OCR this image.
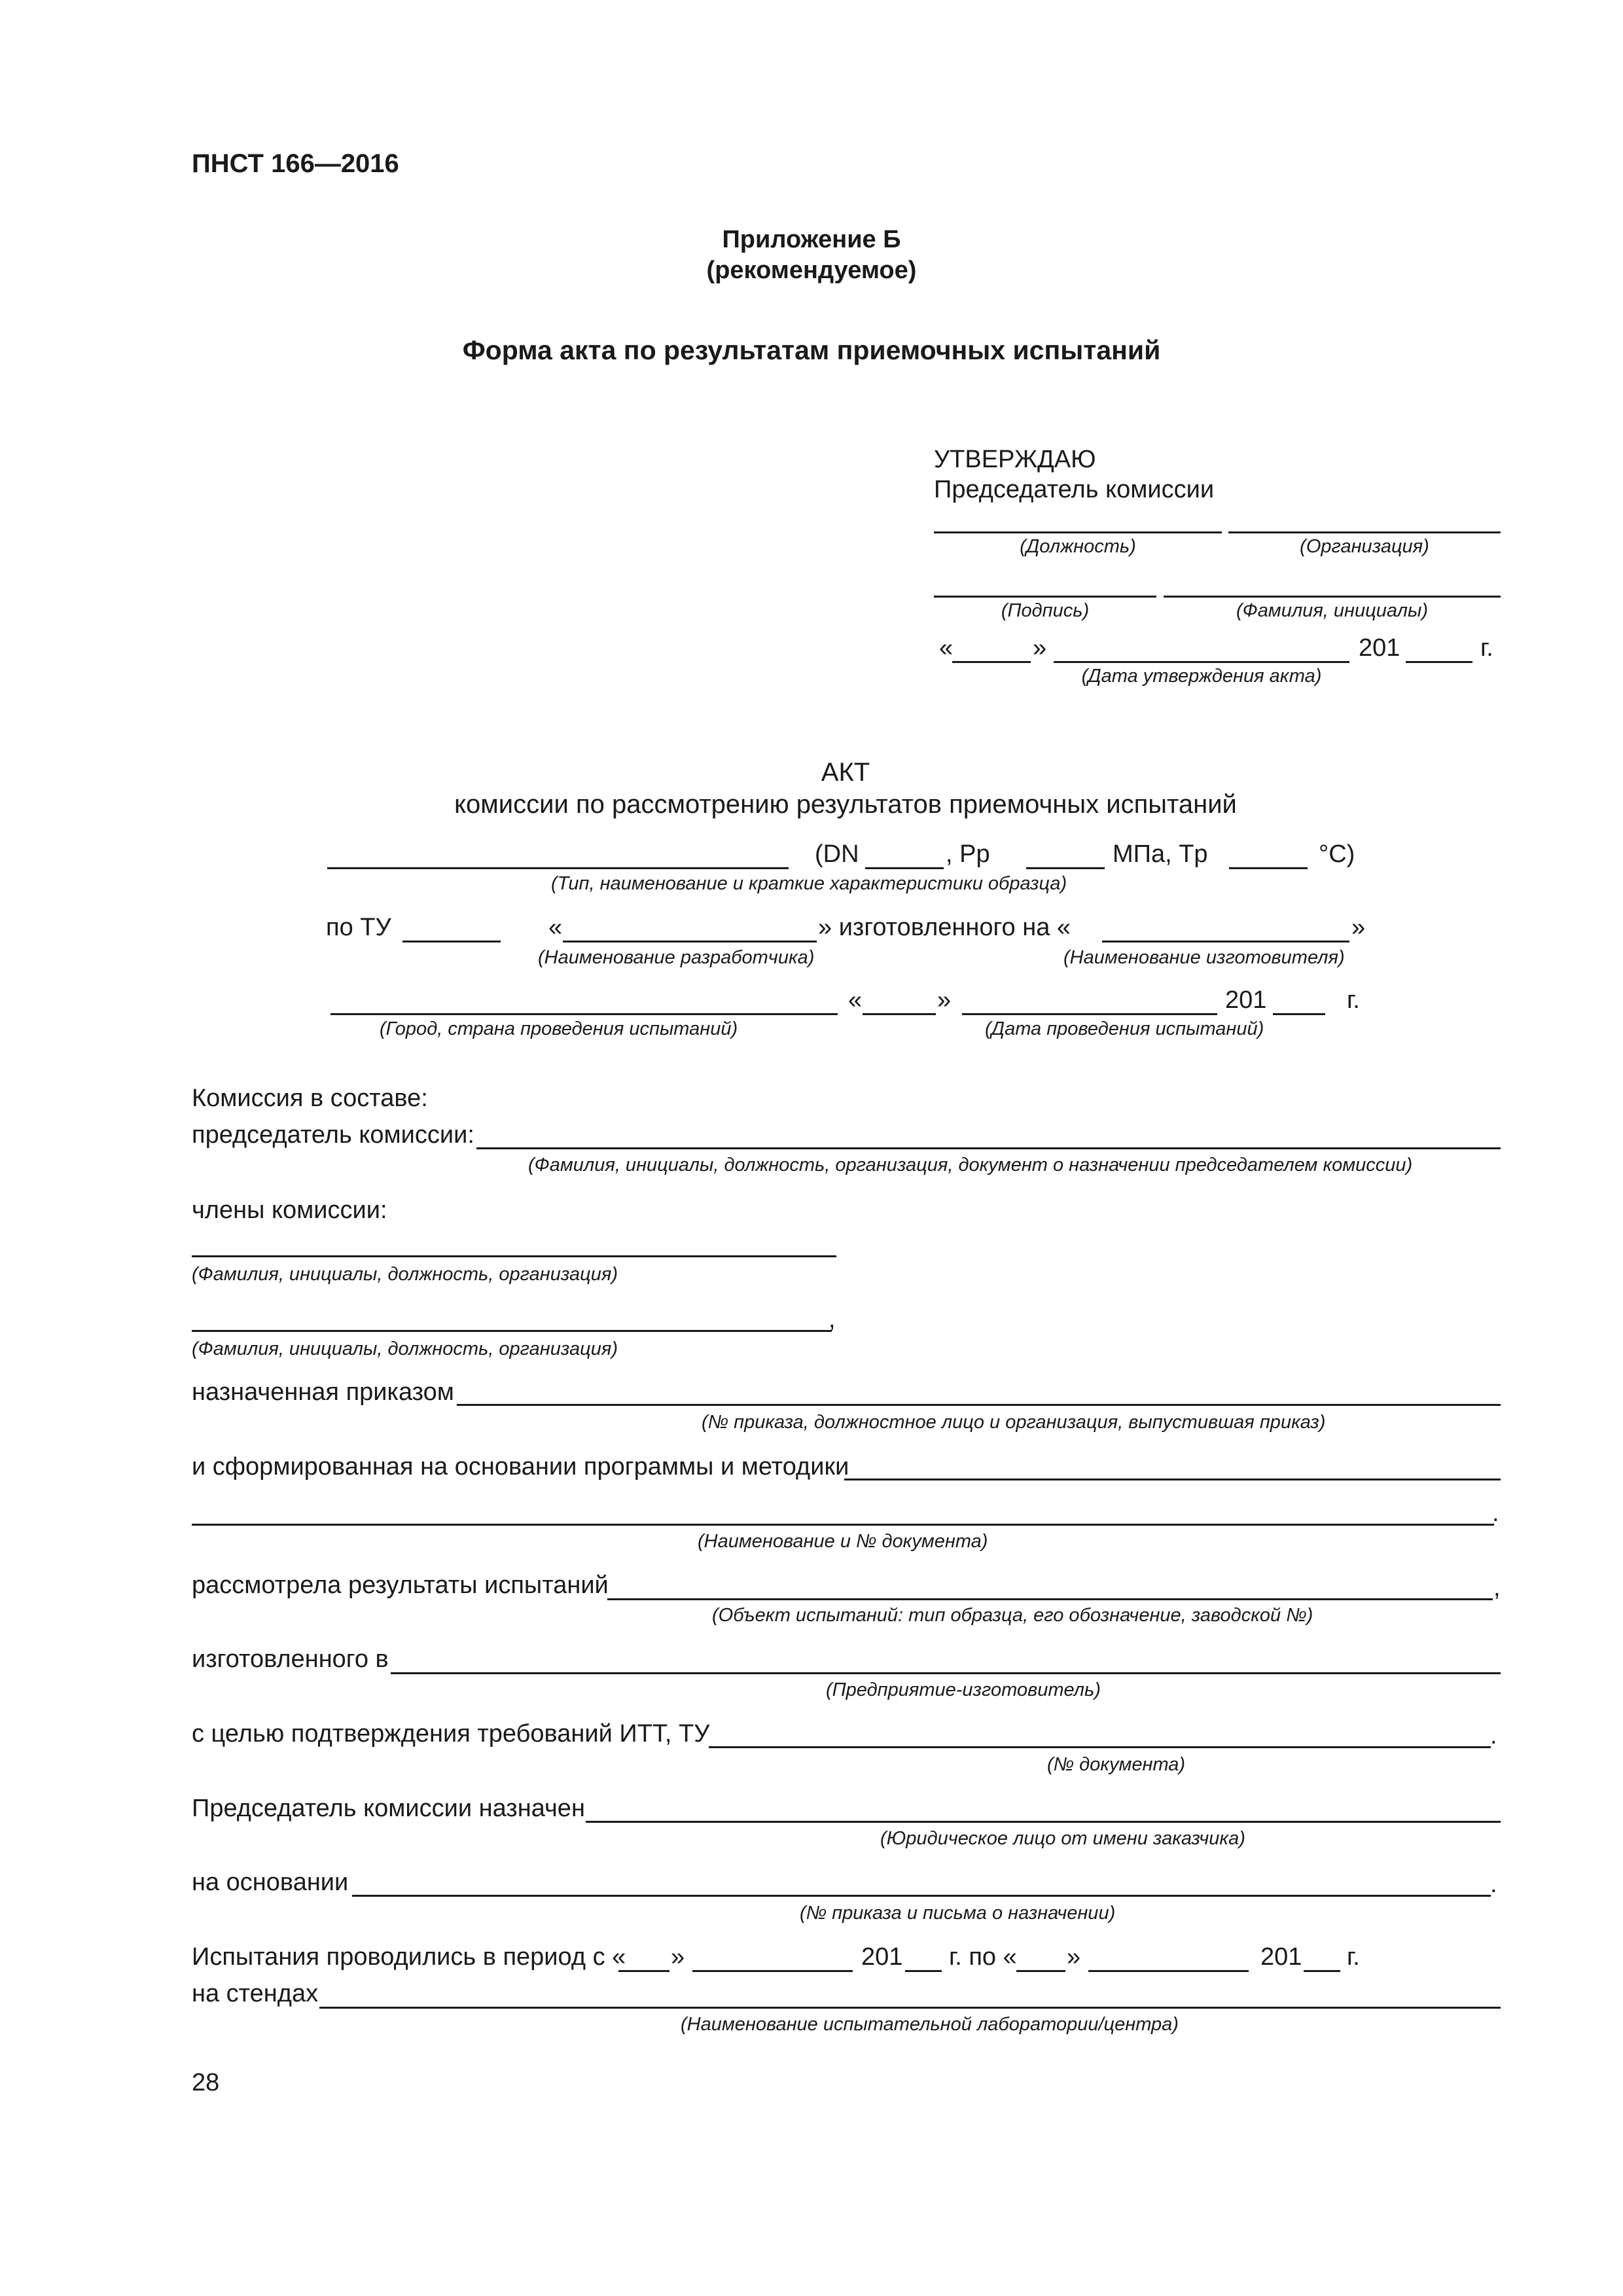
ПНСТ 166—2016
Приложение Б
(рекомендуемое)
Форма акта по результатам приемочных испытаний
УТВЕРЖДАЮ
Председатель комиссии
(Должность)	(Организация)
(Подпись)	(Фамилия, инициалы)
«	»	201	г.
(Дата утверждения акта)
АКТ
комиссии по рассмотрению результатов приемочных испытаний
(DN	, Pp	МПа, Tp	°C)
(Тип, наименование и краткие характеристики образца)
по ТУ	«	» изготовленного на «	»
(Наименование разработчика)	(Наименование изготовителя)
«	»	201	г.
(Город, страна проведения испытаний)	(Дата проведения испытаний)
Комиссия в составе:
председатель комиссии:
(Фамилия, инициалы, должность, организация, документ о назначении председателем комиссии)
члены комиссии:
(Фамилия, инициалы, должность, организация)
,
(Фамилия, инициалы, должность, организация)
назначенная приказом
(№ приказа, должностное лицо и организация, выпустившая приказ)
и сформированная на основании программы и методики
.
(Наименование и № документа)
рассмотрела результаты испытаний	,
(Объект испытаний: тип образца, его обозначение, заводской №)
изготовленного в
(Предприятие-изготовитель)
с целью подтверждения требований ИТТ, ТУ	.
(№ документа)
Председатель комиссии назначен
(Юридическое лицо от имени заказчика)
на основании	.
(№ приказа и письма о назначении)
Испытания проводились в период с « »	201 г. по « »	201 г.
на стендах
(Наименование испытательной лаборатории/центра)
28
